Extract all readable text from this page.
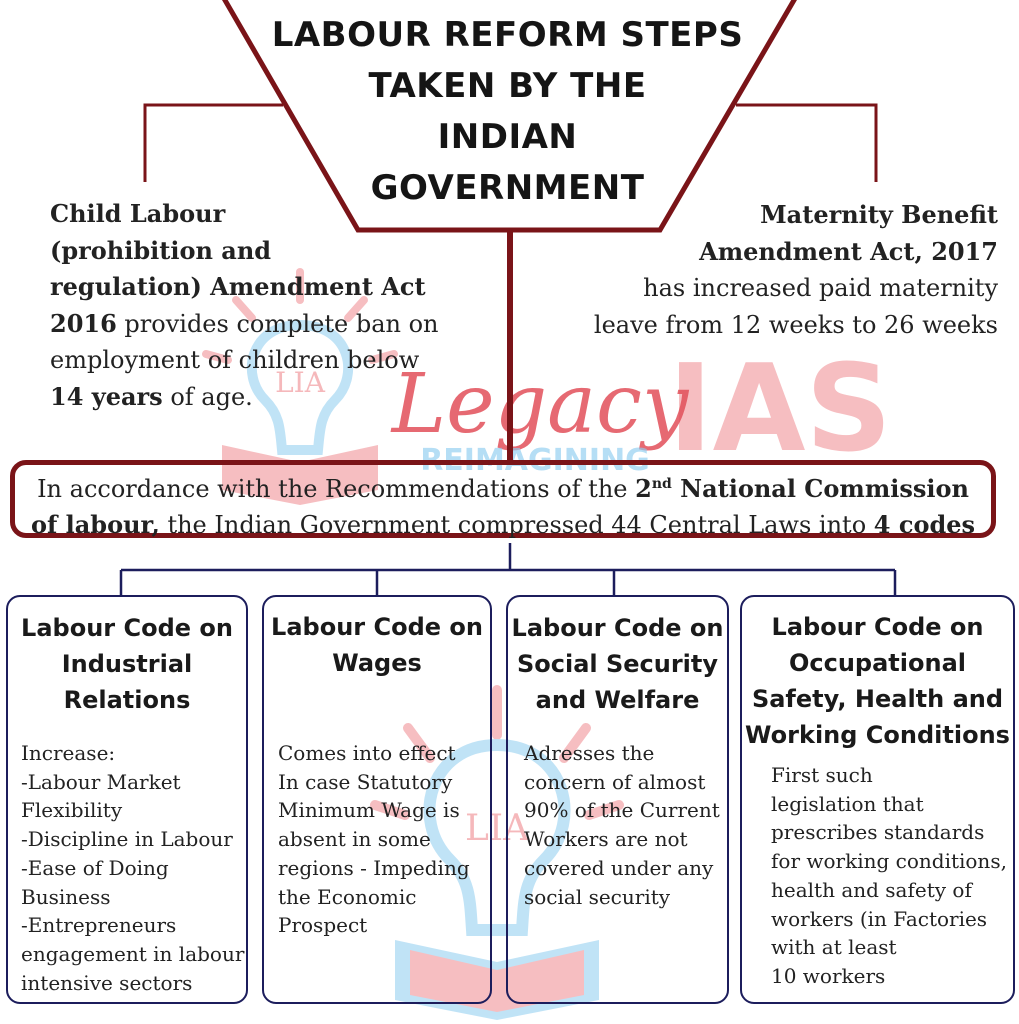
LIA
LIA
IAS
Legacy
REIMAGINING
LABOUR REFORM STEPS
TAKEN BY THE
INDIAN
GOVERNMENT
Child Labour
(prohibition and
regulation) Amendment Act
2016 provides complete ban on
employment of children below
14 years of age.
Maternity Benefit
Amendment Act, 2017
has increased paid maternity
leave from 12 weeks to 26 weeks
In accordance with the Recommendations of the 2nd National Commission
of labour, the Indian Government compressed 44 Central Laws into 4 codes
Labour Code on
Industrial
Relations
Increase:
-Labour Market
Flexibility
-Discipline in Labour
-Ease of Doing
Business
-Entrepreneurs
engagement in labour
intensive sectors
Labour Code on
Wages
Comes into effect
In case Statutory
Minimum Wage is
absent in some
regions - Impeding
the Economic
Prospect
Labour Code on
Social Security
and Welfare
Adresses the
concern of almost
90% of the Current
Workers are not
covered under any
social security
Labour Code on
Occupational
Safety, Health and
Working Conditions
First such
legislation that
prescribes standards
for working conditions,
health and safety of
workers (in Factories
with at least
10 workers
